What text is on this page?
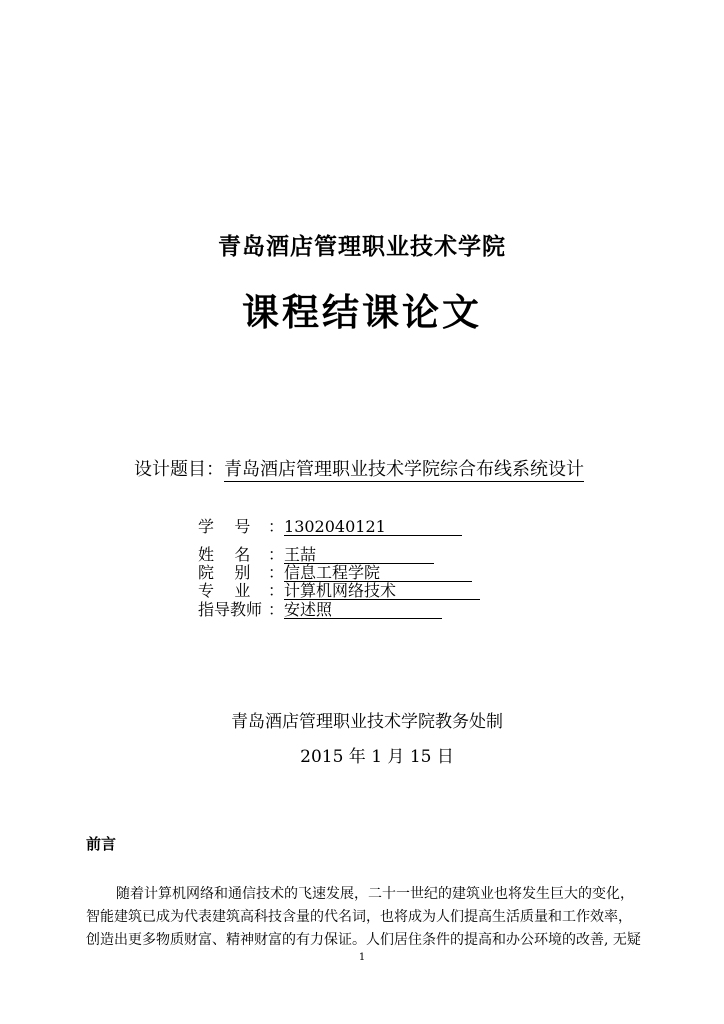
青岛酒店管理职业技术学院
课程结课论文
设计题目：青岛酒店管理职业技术学院综合布线系统设计
学    号 ：1302040121
姓    名 ：王喆
院    别 ：信息工程学院
专    业 ：计算机网络技术
指导教师 ：安述照
青岛酒店管理职业技术学院教务处制
2015 年 1 月 15 日
前言
随着计算机网络和通信技术的飞速发展，二十一世纪的建筑业也将发生巨大的变化，
智能建筑已成为代表建筑高科技含量的代名词，也将成为人们提高生活质量和工作效率，
创造出更多物质财富、精神财富的有力保证。人们居住条件的提高和办公环境的改善, 无疑
1
